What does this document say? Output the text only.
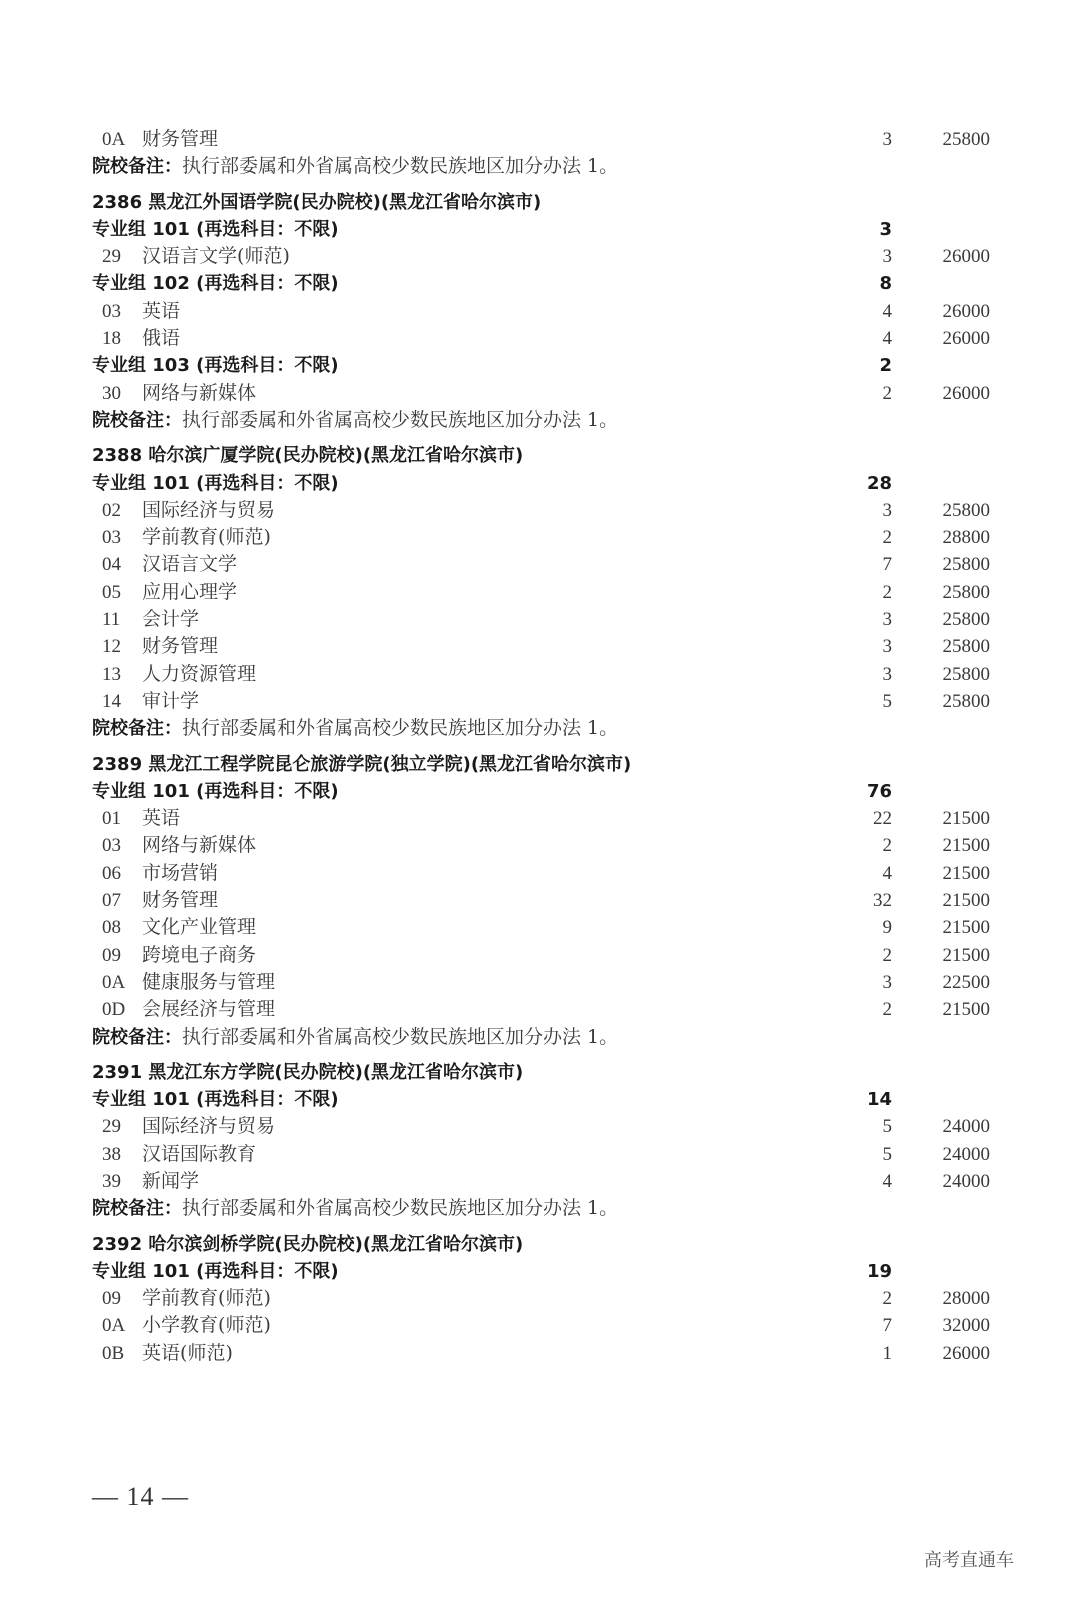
0A 财务管理	3	25800
院校备注：执行部委属和外省属高校少数民族地区加分办法 1。
2386 黑龙江外国语学院(民办院校)(黑龙江省哈尔滨市)
专业组 101 (再选科目：不限)	3
29 汉语言文学(师范)	3	26000
专业组 102 (再选科目：不限)	8
03 英语	4	26000
18 俄语	4	26000
专业组 103 (再选科目：不限)	2
30 网络与新媒体	2	26000
院校备注：执行部委属和外省属高校少数民族地区加分办法 1。
2388 哈尔滨广厦学院(民办院校)(黑龙江省哈尔滨市)
专业组 101 (再选科目：不限)	28
02 国际经济与贸易	3	25800
03 学前教育(师范)	2	28800
04 汉语言文学	7	25800
05 应用心理学	2	25800
11 会计学	3	25800
12 财务管理	3	25800
13 人力资源管理	3	25800
14 审计学	5	25800
院校备注：执行部委属和外省属高校少数民族地区加分办法 1。
2389 黑龙江工程学院昆仑旅游学院(独立学院)(黑龙江省哈尔滨市)
专业组 101 (再选科目：不限)	76
01 英语	22	21500
03 网络与新媒体	2	21500
06 市场营销	4	21500
07 财务管理	32	21500
08 文化产业管理	9	21500
09 跨境电子商务	2	21500
0A 健康服务与管理	3	22500
0D 会展经济与管理	2	21500
院校备注：执行部委属和外省属高校少数民族地区加分办法 1。
2391 黑龙江东方学院(民办院校)(黑龙江省哈尔滨市)
专业组 101 (再选科目：不限)	14
29 国际经济与贸易	5	24000
38 汉语国际教育	5	24000
39 新闻学	4	24000
院校备注：执行部委属和外省属高校少数民族地区加分办法 1。
2392 哈尔滨剑桥学院(民办院校)(黑龙江省哈尔滨市)
专业组 101 (再选科目：不限)	19
09 学前教育(师范)	2	28000
0A 小学教育(师范)	7	32000
0B 英语(师范)	1	26000
— 14 —
高考直通车
